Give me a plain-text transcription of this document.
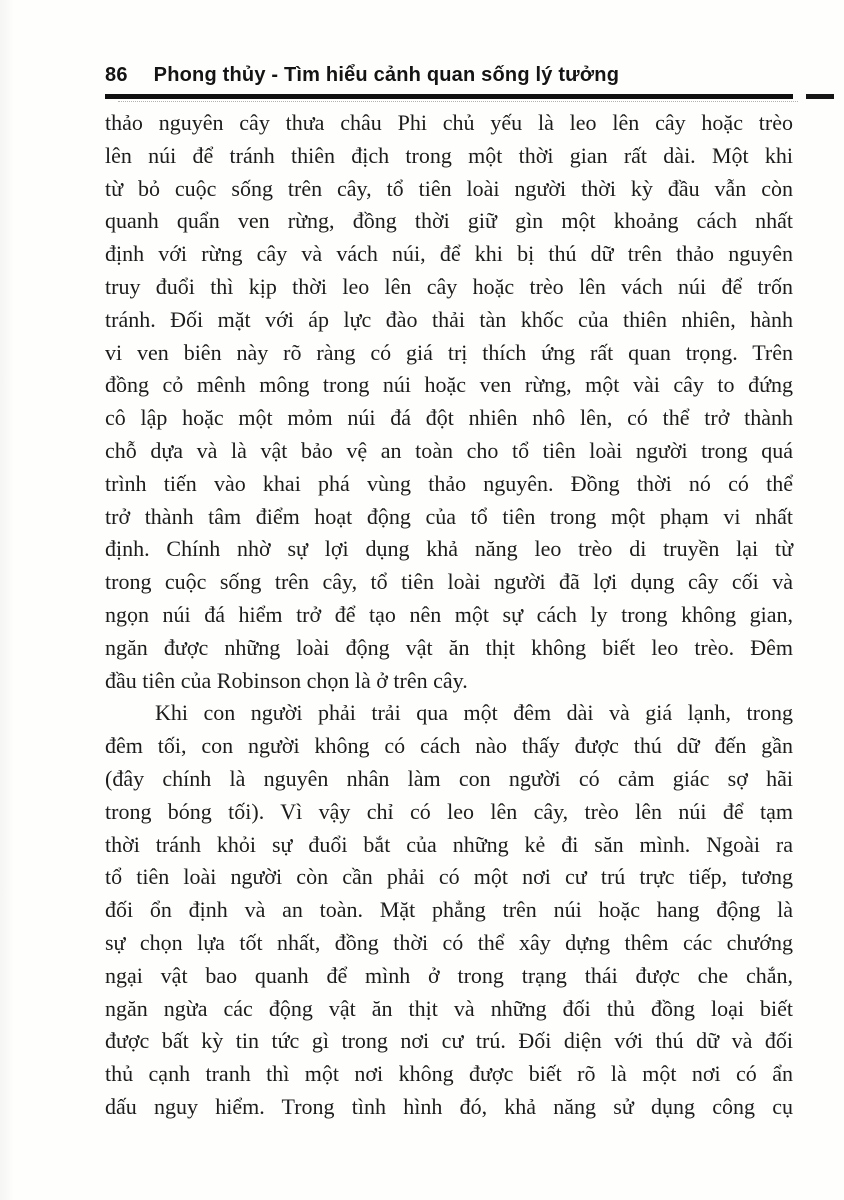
86 Phong thủy - Tìm hiểu cảnh quan sống lý tưởng
thảo nguyên cây thưa châu Phi chủ yếu là leo lên cây hoặc trèo
lên núi để tránh thiên địch trong một thời gian rất dài. Một khi
từ bỏ cuộc sống trên cây, tổ tiên loài người thời kỳ đầu vẫn còn
quanh quẩn ven rừng, đồng thời giữ gìn một khoảng cách nhất
định với rừng cây và vách núi, để khi bị thú dữ trên thảo nguyên
truy đuổi thì kịp thời leo lên cây hoặc trèo lên vách núi để trốn
tránh. Đối mặt với áp lực đào thải tàn khốc của thiên nhiên, hành
vi ven biên này rõ ràng có giá trị thích ứng rất quan trọng. Trên
đồng cỏ mênh mông trong núi hoặc ven rừng, một vài cây to đứng
cô lập hoặc một mỏm núi đá đột nhiên nhô lên, có thể trở thành
chỗ dựa và là vật bảo vệ an toàn cho tổ tiên loài người trong quá
trình tiến vào khai phá vùng thảo nguyên. Đồng thời nó có thể
trở thành tâm điểm hoạt động của tổ tiên trong một phạm vi nhất
định. Chính nhờ sự lợi dụng khả năng leo trèo di truyền lại từ
trong cuộc sống trên cây, tổ tiên loài người đã lợi dụng cây cối và
ngọn núi đá hiểm trở để tạo nên một sự cách ly trong không gian,
ngăn được những loài động vật ăn thịt không biết leo trèo. Đêm
đầu tiên của Robinson chọn là ở trên cây.
Khi con người phải trải qua một đêm dài và giá lạnh, trong
đêm tối, con người không có cách nào thấy được thú dữ đến gần
(đây chính là nguyên nhân làm con người có cảm giác sợ hãi
trong bóng tối). Vì vậy chỉ có leo lên cây, trèo lên núi để tạm
thời tránh khỏi sự đuổi bắt của những kẻ đi săn mình. Ngoài ra
tổ tiên loài người còn cần phải có một nơi cư trú trực tiếp, tương
đối ổn định và an toàn. Mặt phẳng trên núi hoặc hang động là
sự chọn lựa tốt nhất, đồng thời có thể xây dựng thêm các chướng
ngại vật bao quanh để mình ở trong trạng thái được che chắn,
ngăn ngừa các động vật ăn thịt và những đối thủ đồng loại biết
được bất kỳ tin tức gì trong nơi cư trú. Đối diện với thú dữ và đối
thủ cạnh tranh thì một nơi không được biết rõ là một nơi có ẩn
dấu nguy hiểm. Trong tình hình đó, khả năng sử dụng công cụ
